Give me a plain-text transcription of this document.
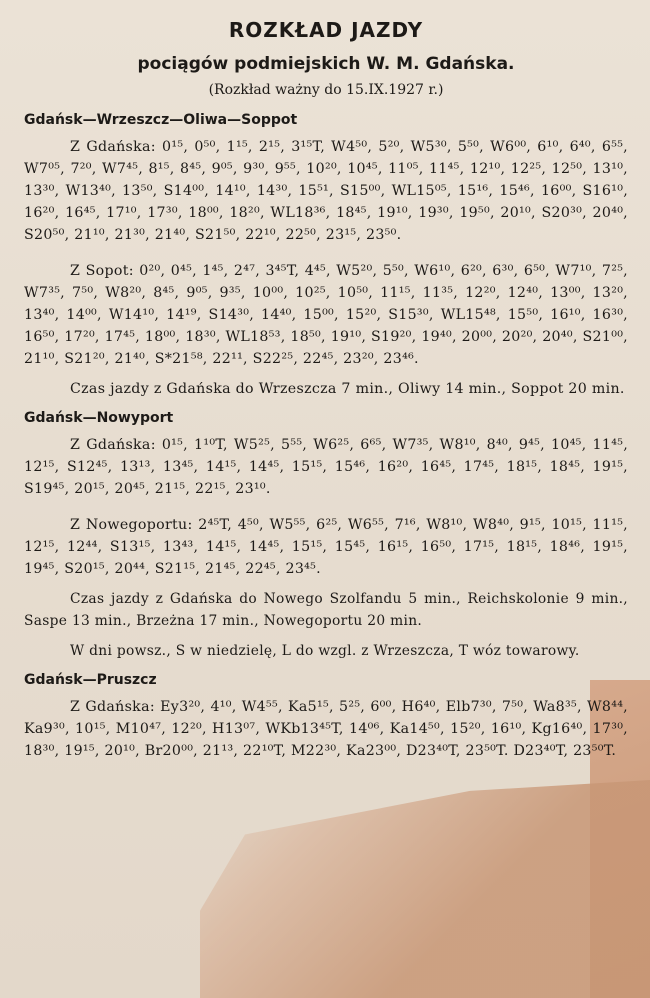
ROZKŁAD JAZDY
pociągów podmiejskich W. M. Gdańska.
(Rozkład ważny do 15.IX.1927 r.)
Gdańsk—Wrzeszcz—Oliwa—Soppot

Z Gdańska: 0¹⁵, 0⁵⁰, 1¹⁵, 2¹⁵, 3¹⁵T, W4⁵⁰, 5²⁰, W5³⁰, 5⁵⁰, W6⁰⁰, 6¹⁰, 6⁴⁰, 6⁵⁵, W7⁰⁵, 7²⁰, W7⁴⁵, 8¹⁵, 8⁴⁵, 9⁰⁵, 9³⁰, 9⁵⁵, 10²⁰, 10⁴⁵, 11⁰⁵, 11⁴⁵, 12¹⁰, 12²⁵, 12⁵⁰, 13¹⁰, 13³⁰, W13⁴⁰, 13⁵⁰, S14⁰⁰, 14¹⁰, 14³⁰, 15⁵¹, S15⁰⁰, WL15⁰⁵, 15¹⁶, 15⁴⁶, 16⁰⁰, S16¹⁰, 16²⁰, 16⁴⁵, 17¹⁰, 17³⁰, 18⁰⁰, 18²⁰, WL18³⁶, 18⁴⁵, 19¹⁰, 19³⁰, 19⁵⁰, 20¹⁰, S20³⁰, 20⁴⁰, S20⁵⁰, 21¹⁰, 21³⁰, 21⁴⁰, S21⁵⁰, 22¹⁰, 22⁵⁰, 23¹⁵, 23⁵⁰.

Z Sopot: 0²⁰, 0⁴⁵, 1⁴⁵, 2⁴⁷, 3⁴⁵T, 4⁴⁵, W5²⁰, 5⁵⁰, W6¹⁰, 6²⁰, 6³⁰, 6⁵⁰, W7¹⁰, 7²⁵, W7³⁵, 7⁵⁰, W8²⁰, 8⁴⁵, 9⁰⁵, 9³⁵, 10⁰⁰, 10²⁵, 10⁵⁰, 11¹⁵, 11³⁵, 12²⁰, 12⁴⁰, 13⁰⁰, 13²⁰, 13⁴⁰, 14⁰⁰, W14¹⁰, 14¹⁹, S14³⁰, 14⁴⁰, 15⁰⁰, 15²⁰, S15³⁰, WL15⁴⁸, 15⁵⁰, 16¹⁰, 16³⁰, 16⁵⁰, 17²⁰, 17⁴⁵, 18⁰⁰, 18³⁰, WL18⁵³, 18⁵⁰, 19¹⁰, S19²⁰, 19⁴⁰, 20⁰⁰, 20²⁰, 20⁴⁰, S21⁰⁰, 21¹⁰, S21²⁰, 21⁴⁰, S*21⁵⁸, 22¹¹, S22²⁵, 22⁴⁵, 23²⁰, 23⁴⁶.

Czas jazdy z Gdańska do Wrzeszcza 7 min., Oliwy 14 min., Soppot 20 min.

Gdańsk—Nowyport

Z Gdańska: 0¹⁵, 1¹⁰T, W5²⁵, 5⁵⁵, W6²⁵, 6⁶⁵, W7³⁵, W8¹⁰, 8⁴⁰, 9⁴⁵, 10⁴⁵, 11⁴⁵, 12¹⁵, S12⁴⁵, 13¹³, 13⁴⁵, 14¹⁵, 14⁴⁵, 15¹⁵, 15⁴⁶, 16²⁰, 16⁴⁵, 17⁴⁵, 18¹⁵, 18⁴⁵, 19¹⁵, S19⁴⁵, 20¹⁵, 20⁴⁵, 21¹⁵, 22¹⁵, 23¹⁰.

Z Nowegoportu: 2⁴⁵T, 4⁵⁰, W5⁵⁵, 6²⁵, W6⁵⁵, 7¹⁶, W8¹⁰, W8⁴⁰, 9¹⁵, 10¹⁵, 11¹⁵, 12¹⁵, 12⁴⁴, S13¹⁵, 13⁴³, 14¹⁵, 14⁴⁵, 15¹⁵, 15⁴⁵, 16¹⁵, 16⁵⁰, 17¹⁵, 18¹⁵, 18⁴⁶, 19¹⁵, 19⁴⁵, S20¹⁵, 20⁴⁴, S21¹⁵, 21⁴⁵, 22⁴⁵, 23⁴⁵.

Czas jazdy z Gdańska do Nowego Szolfandu 5 min., Reichskolonie 9 min., Saspe 13 min., Brzeżna 17 min., Nowegoportu 20 min.

W dni powsz., S w niedzielę, L do wzgl. z Wrzeszcza, T wóz towarowy.

Gdańsk—Pruszcz

Z Gdańska: Ey3²⁰, 4¹⁰, W4⁵⁵, Ka5¹⁵, 5²⁵, 6⁰⁰, H6⁴⁰, Elb7³⁰, 7⁵⁰, Wa8³⁵, W8⁴⁴, Ka9³⁰, 10¹⁵, M10⁴⁷, 12²⁰, H13⁰⁷, WKb13⁴⁵T, 14⁰⁶, Ka14⁵⁰, 15²⁰, 16¹⁰, Kg16⁴⁰, 17³⁰, 18³⁰, 19¹⁵, 20¹⁰, Br20⁰⁰, 21¹³, 22¹⁰T, M22³⁰, Ka23⁰⁰, D23⁴⁰T, 23⁵⁰T. D23⁴⁰T, 23⁵⁰T.
